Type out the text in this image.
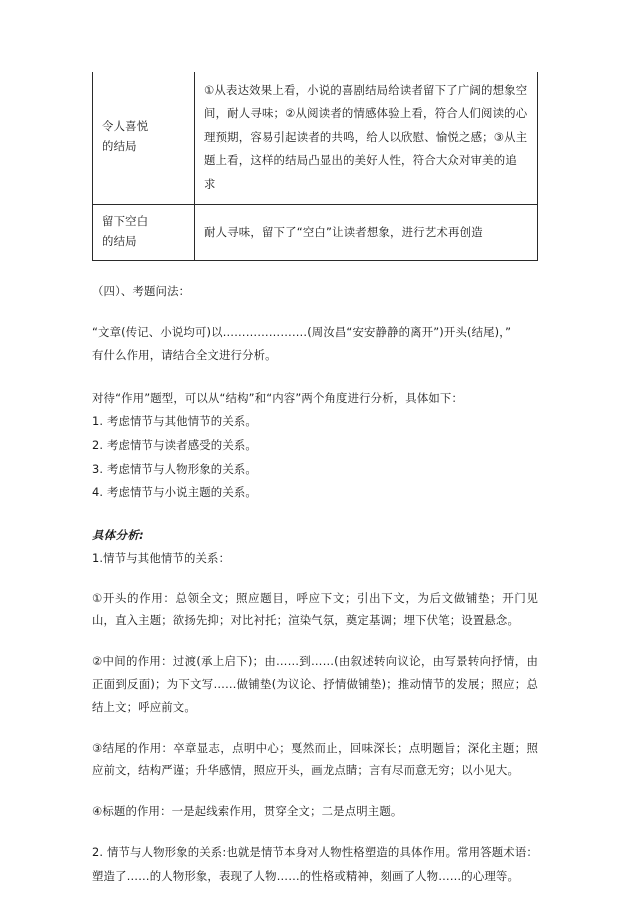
令人喜悦
的结局	①从表达效果上看，小说的喜剧结局给读者留下了广阔的想象空间，耐人寻味；②从阅读者的情感体验上看，符合人们阅读的心理预期，容易引起读者的共鸣，给人以欣慰、愉悦之感；③从主题上看，这样的结局凸显出的美好人性，符合大众对审美的追求

留下空白
的结局	耐人寻味，留下了“空白”让读者想象，进行艺术再创造
（四）、考题问法：
“文章(传记、小说均可)以………………….(周汝昌“安安静静的离开”)开头(结尾)，”
有什么作用，请结合全文进行分析。
对待“作用”题型，可以从“结构”和“内容”两个角度进行分析，具体如下：
1. 考虑情节与其他情节的关系。
2. 考虑情节与读者感受的关系。
3. 考虑情节与人物形象的关系。
4. 考虑情节与小说主题的关系。
具体分析:
1.情节与其他情节的关系：
①开头的作用：总领全文；照应题目，呼应下文；引出下文，为后文做铺垫；开门见山，直入主题；欲扬先抑；对比衬托；渲染气氛，奠定基调；埋下伏笔；设置悬念。
②中间的作用：过渡(承上启下)；由……到……(由叙述转向议论，由写景转向抒情，由正面到反面)；为下文写……做铺垫(为议论、抒情做铺垫)；推动情节的发展；照应；总结上文；呼应前文。
③结尾的作用：卒章显志，点明中心；戛然而止，回味深长；点明题旨；深化主题；照应前文，结构严谨；升华感情，照应开头，画龙点睛；言有尽而意无穷；以小见大。
④标题的作用：一是起线索作用，贯穿全文；二是点明主题。
2. 情节与人物形象的关系:也就是情节本身对人物性格塑造的具体作用。常用答题术语：
塑造了……的人物形象，表现了人物……的性格或精神，刻画了人物……的心理等。
